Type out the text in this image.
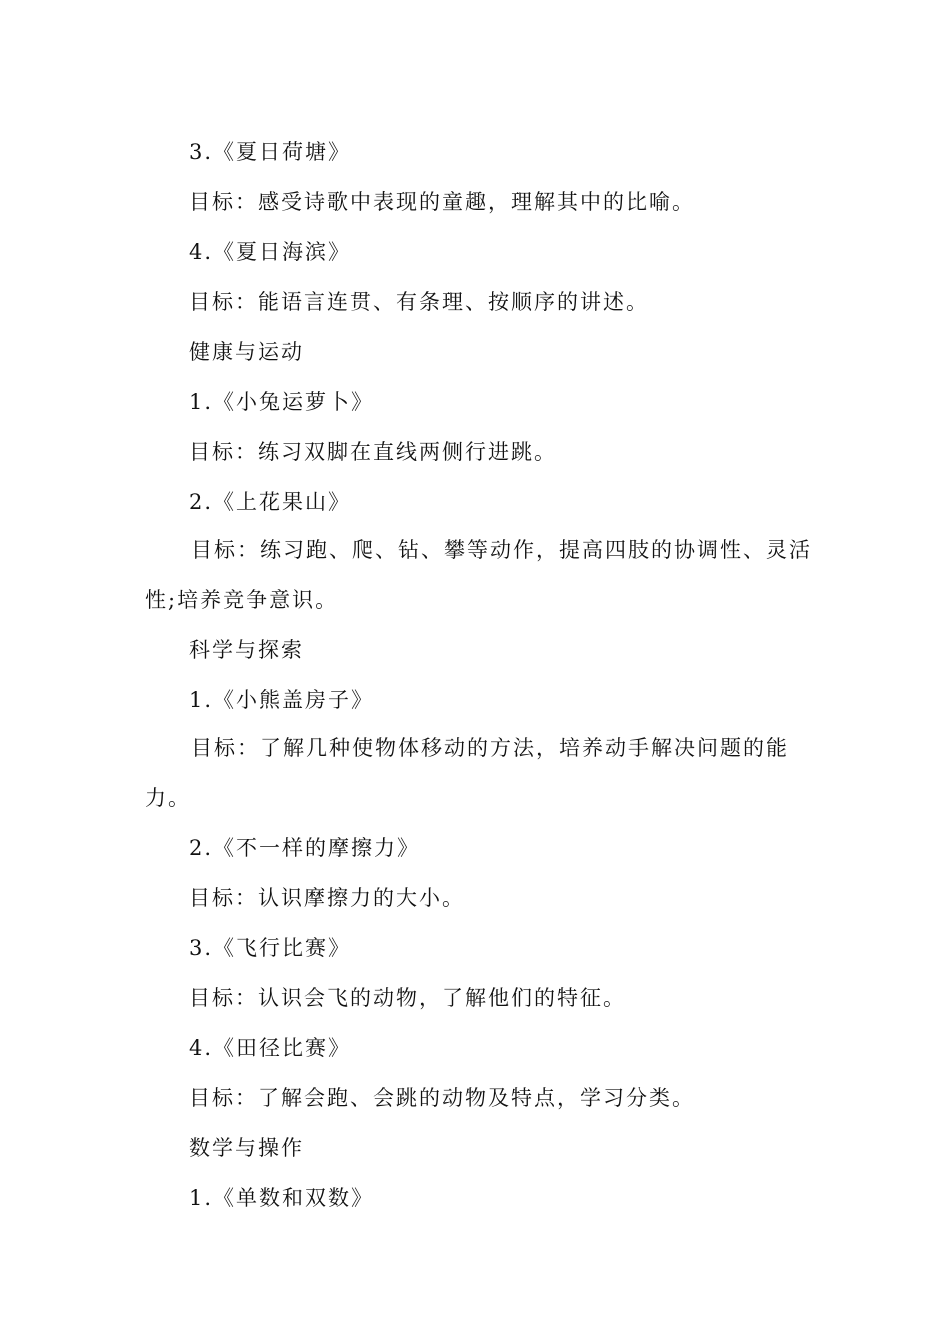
3.《夏日荷塘》
目标：感受诗歌中表现的童趣，理解其中的比喻。
4.《夏日海滨》
目标：能语言连贯、有条理、按顺序的讲述。
健康与运动
1.《小兔运萝卜》
目标：练习双脚在直线两侧行进跳。
2.《上花果山》
目标：练习跑、爬、钻、攀等动作，提高四肢的协调性、灵活
性;培养竞争意识。
科学与探索
1.《小熊盖房子》
目标：了解几种使物体移动的方法，培养动手解决问题的能
力。
2.《不一样的摩擦力》
目标：认识摩擦力的大小。
3.《飞行比赛》
目标：认识会飞的动物，了解他们的特征。
4.《田径比赛》
目标：了解会跑、会跳的动物及特点，学习分类。
数学与操作
1.《单数和双数》
